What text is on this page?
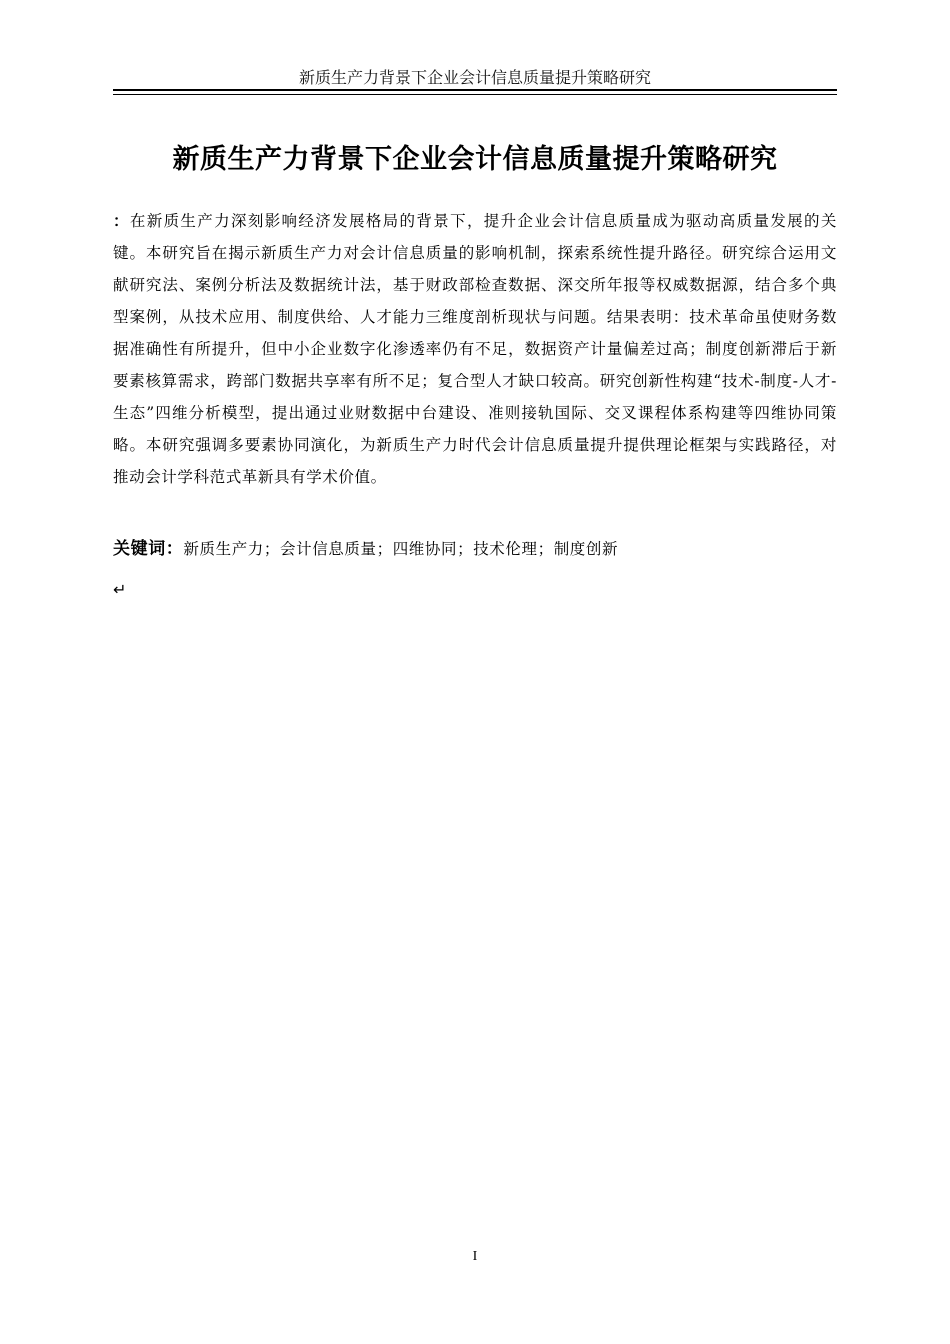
新质生产力背景下企业会计信息质量提升策略研究
新质生产力背景下企业会计信息质量提升策略研究

：在新质生产力深刻影响经济发展格局的背景下，提升企业会计信息质量成为驱动高质量发展的关键。本研究旨在揭示新质生产力对会计信息质量的影响机制，探索系统性提升路径。研究综合运用文献研究法、案例分析法及数据统计法，基于财政部检查数据、深交所年报等权威数据源，结合多个典型案例，从技术应用、制度供给、人才能力三维度剖析现状与问题。结果表明：技术革命虽使财务数据准确性有所提升，但中小企业数字化渗透率仍有不足，数据资产计量偏差过高；制度创新滞后于新要素核算需求，跨部门数据共享率有所不足；复合型人才缺口较高。研究创新性构建“技术-制度-人才-生态”四维分析模型，提出通过业财数据中台建设、准则接轨国际、交叉课程体系构建等四维协同策略。本研究强调多要素协同演化，为新质生产力时代会计信息质量提升提供理论框架与实践路径，对推动会计学科范式革新具有学术价值。

关键词：新质生产力；会计信息质量；四维协同；技术伦理；制度创新

↵
I
